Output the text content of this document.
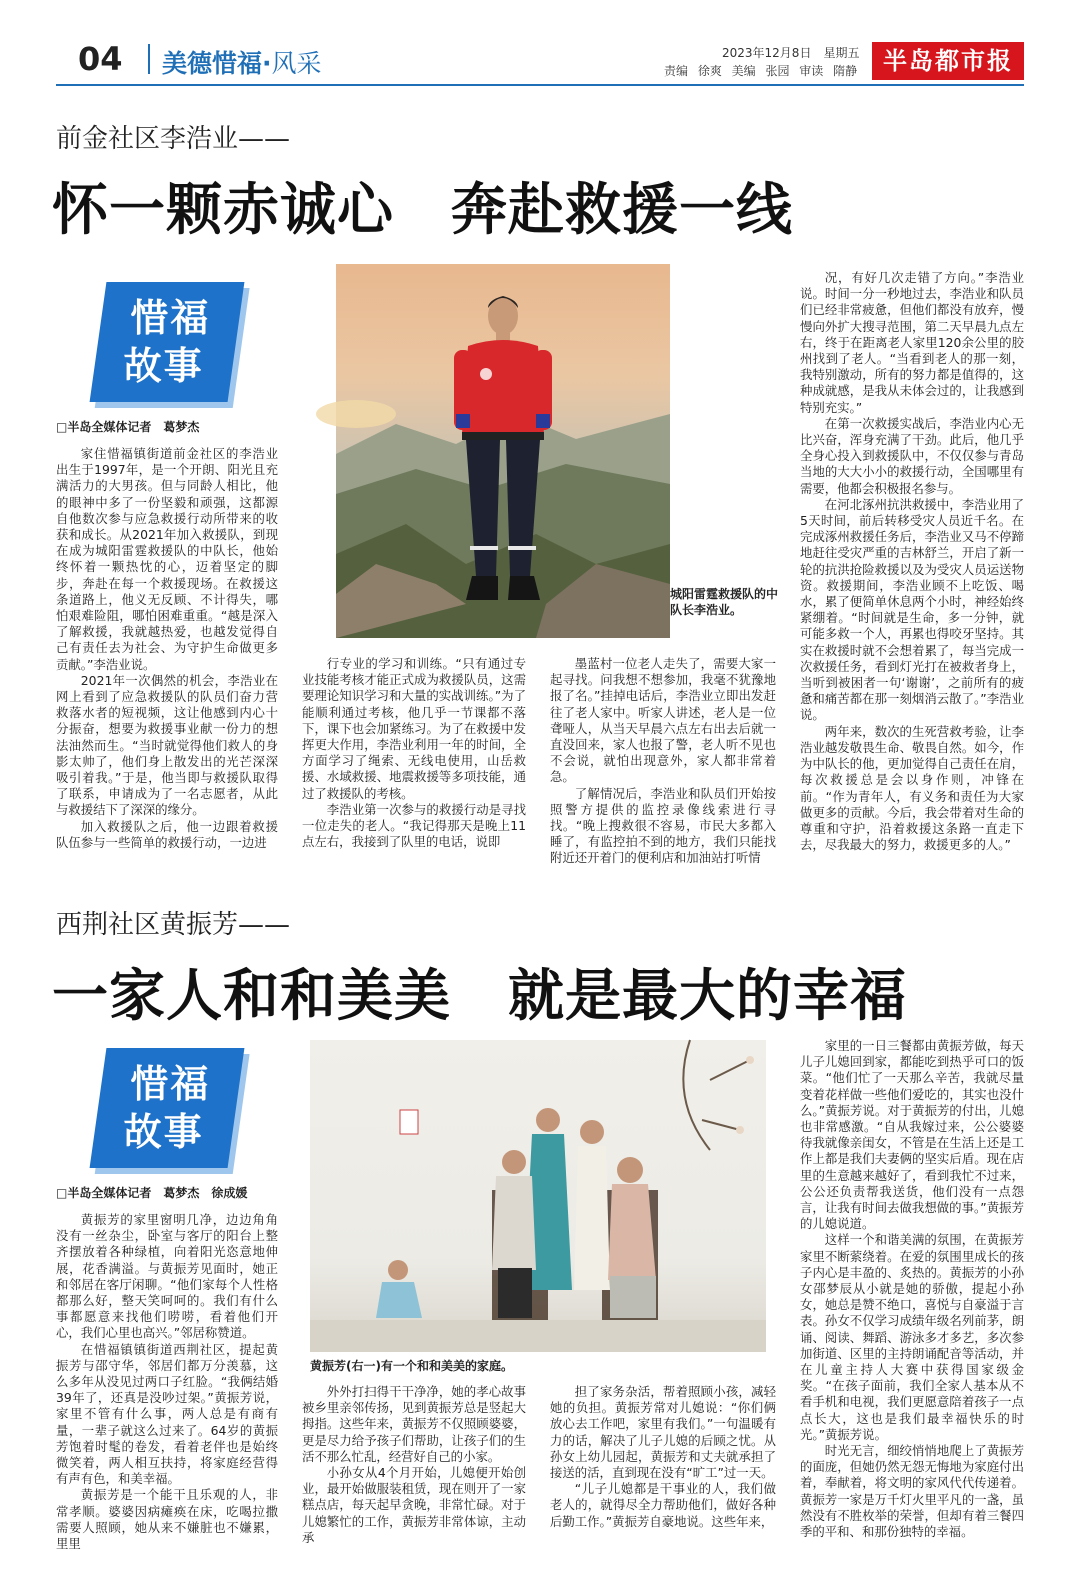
04 美德惜福·风采	2023年12月8日　星期五
责编 徐爽 美编 张园 审读 隋静	半岛都市报
前金社区李浩业——
怀一颗赤诚心　奔赴救援一线
惜福
故事
□半岛全媒体记者　葛梦杰

家住惜福镇街道前金社区的李浩业出生于1997年，是一个开朗、阳光且充满活力的大男孩。但与同龄人相比，他的眼神中多了一份坚毅和顽强，这都源自他数次参与应急救援行动所带来的收获和成长。从2021年加入救援队，到现在成为城阳雷霆救援队的中队长，他始终怀着一颗热忱的心，迈着坚定的脚步，奔赴在每一个救援现场。在救援这条道路上，他义无反顾、不计得失，哪怕艰难险阻，哪怕困难重重。“越是深入了解救援，我就越热爱，也越发觉得自己有责任去为社会、为守护生命做更多贡献。”李浩业说。

2021年一次偶然的机会，李浩业在网上看到了应急救援队的队员们奋力营救落水者的短视频，这让他感到内心十分振奋，想要为救援事业献一份力的想法油然而生。“当时就觉得他们救人的身影太帅了，他们身上散发出的光芒深深吸引着我。”于是，他当即与救援队取得了联系，申请成为了一名志愿者，从此与救援结下了深深的缘分。

加入救援队之后，他一边跟着救援队伍参与一些简单的救援行动，一边进

城阳雷霆救援队的中队长李浩业。

行专业的学习和训练。“只有通过专业技能考核才能正式成为救援队员，这需要理论知识学习和大量的实战训练。”为了能顺利通过考核，他几乎一节课都不落下，课下也会加紧练习。为了在救援中发挥更大作用，李浩业利用一年的时间，全方面学习了绳索、无线电使用，山岳救援、水域救援、地震救援等多项技能，通过了救援队的考核。

李浩业第一次参与的救援行动是寻找一位走失的老人。“我记得那天是晚上11点左右，我接到了队里的电话，说即

墨蓝村一位老人走失了，需要大家一起寻找。问我想不想参加，我毫不犹豫地报了名。”挂掉电话后，李浩业立即出发赶往了老人家中。听家人讲述，老人是一位聋哑人，从当天早晨六点左右出去后就一直没回来，家人也报了警，老人听不见也不会说，就怕出现意外，家人都非常着急。

了解情况后，李浩业和队员们开始按照警方提供的监控录像线索进行寻找。“晚上搜救很不容易，市民大多都入睡了，有监控拍不到的地方，我们只能找附近还开着门的便利店和加油站打听情

况，有好几次走错了方向。”李浩业说。时间一分一秒地过去，李浩业和队员们已经非常疲惫，但他们都没有放弃，慢慢向外扩大搜寻范围，第二天早晨九点左右，终于在距离老人家里120余公里的胶州找到了老人。“当看到老人的那一刻，我特别激动，所有的努力都是值得的，这种成就感，是我从未体会过的，让我感到特别充实。”

在第一次救援实战后，李浩业内心无比兴奋，浑身充满了干劲。此后，他几乎全身心投入到救援队中，不仅仅参与青岛当地的大大小小的救援行动，全国哪里有需要，他都会积极报名参与。

在河北涿州抗洪救援中，李浩业用了5天时间，前后转移受灾人员近千名。在完成涿州救援任务后，李浩业又马不停蹄地赶往受灾严重的吉林舒兰，开启了新一轮的抗洪抢险救援以及为受灾人员运送物资。救援期间，李浩业顾不上吃饭、喝水，累了便简单休息两个小时，神经始终紧绷着。“时间就是生命，多一分钟，就可能多救一个人，再累也得咬牙坚持。其实在救援时就不会想着累了，每当完成一次救援任务，看到灯光打在被救者身上，当听到被困者一句‘谢谢’，之前所有的疲惫和痛苦都在那一刻烟消云散了。”李浩业说。

两年来，数次的生死营救考验，让李浩业越发敬畏生命、敬畏自然。如今，作为中队长的他，更加觉得自己责任在肩，每次救援总是会以身作则，冲锋在前。“作为青年人，有义务和责任为大家做更多的贡献。今后，我会带着对生命的尊重和守护，沿着救援这条路一直走下去，尽我最大的努力，救援更多的人。”

西荆社区黄振芳——
一家人和和美美　就是最大的幸福
惜福
故事
□半岛全媒体记者　葛梦杰　徐成媛

黄振芳的家里窗明几净，边边角角没有一丝杂尘，卧室与客厅的阳台上整齐摆放着各种绿植，向着阳光恣意地伸展，花香满溢。与黄振芳见面时，她正和邻居在客厅闲聊。“他们家每个人性格都那么好，整天笑呵呵的。我们有什么事都愿意来找他们唠唠，看着他们开心，我们心里也高兴。”邻居称赞道。

在惜福镇镇街道西荆社区，提起黄振芳与邵守华，邻居们都万分羡慕，这么多年从没见过两口子红脸。“我俩结婚39年了，还真是没吵过架。”黄振芳说，家里不管有什么事，两人总是有商有量，一辈子就这么过来了。64岁的黄振芳饱着时髦的卷发，看着老伴也是始终微笑着，两人相互扶持，将家庭经营得有声有色，和美幸福。

黄振芳是一个能干且乐观的人，非常孝顺。婆婆因病瘫痪在床，吃喝拉撒需要人照顾，她从来不嫌脏也不嫌累，里里

黄振芳(右一)有一个和和美美的家庭。

外外打扫得干干净净，她的孝心故事被乡里亲邻传扬，见到黄振芳总是竖起大拇指。这些年来，黄振芳不仅照顾婆婆，更是尽力给予孩子们帮助，让孩子们的生活不那么忙乱，经营好自己的小家。

小孙女从4个月开始，儿媳便开始创业，最开始做服装租赁，现在则开了一家糕点店，每天起早贪晚，非常忙碌。对于儿媳繁忙的工作，黄振芳非常体谅，主动承

担了家务杂活，帮着照顾小孩，减轻她的负担。黄振芳常对儿媳说：“你们俩放心去工作吧，家里有我们。”一句温暖有力的话，解决了儿子儿媳的后顾之忧。从孙女上幼儿园起，黄振芳和丈夫就承担了接送的活，直到现在没有“旷工”过一天。

“儿子儿媳都是干事业的人，我们做老人的，就得尽全力帮助他们，做好各种后勤工作。”黄振芳自豪地说。这些年来，

家里的一日三餐都由黄振芳做，每天儿子儿媳回到家，都能吃到热乎可口的饭菜。“他们忙了一天那么辛苦，我就尽量变着花样做一些他们爱吃的，其实也没什么。”黄振芳说。对于黄振芳的付出，儿媳也非常感激。“自从我嫁过来，公公婆婆待我就像亲闺女，不管是在生活上还是工作上都是我们夫妻俩的坚实后盾。现在店里的生意越来越好了，看到我忙不过来，公公还负责帮我送货，他们没有一点怨言，让我有时间去做我想做的事。”黄振芳的儿媳说道。

这样一个和谐美满的氛围，在黄振芳家里不断萦绕着。在爱的氛围里成长的孩子内心是丰盈的、炙热的。黄振芳的小孙女邵梦辰从小就是她的骄傲，提起小孙女，她总是赞不绝口，喜悦与自豪溢于言表。孙女不仅学习成绩年级名列前茅，朗诵、阅读、舞蹈、游泳多才多艺，多次参加街道、区里的主持朗诵配音等活动，并在儿童主持人大赛中获得国家级金奖。“在孩子面前，我们全家人基本从不看手机和电视，我们更愿意陪着孩子一点点长大，这也是我们最幸福快乐的时光。”黄振芳说。

时光无言，细绞悄悄地爬上了黄振芳的面庞，但她仍然无怨无悔地为家庭付出着，奉献着，将文明的家风代代传递着。黄振芳一家是万千灯火里平凡的一盏，虽然没有不胜枚举的荣誉，但却有着三餐四季的平和、和那份独特的幸福。
